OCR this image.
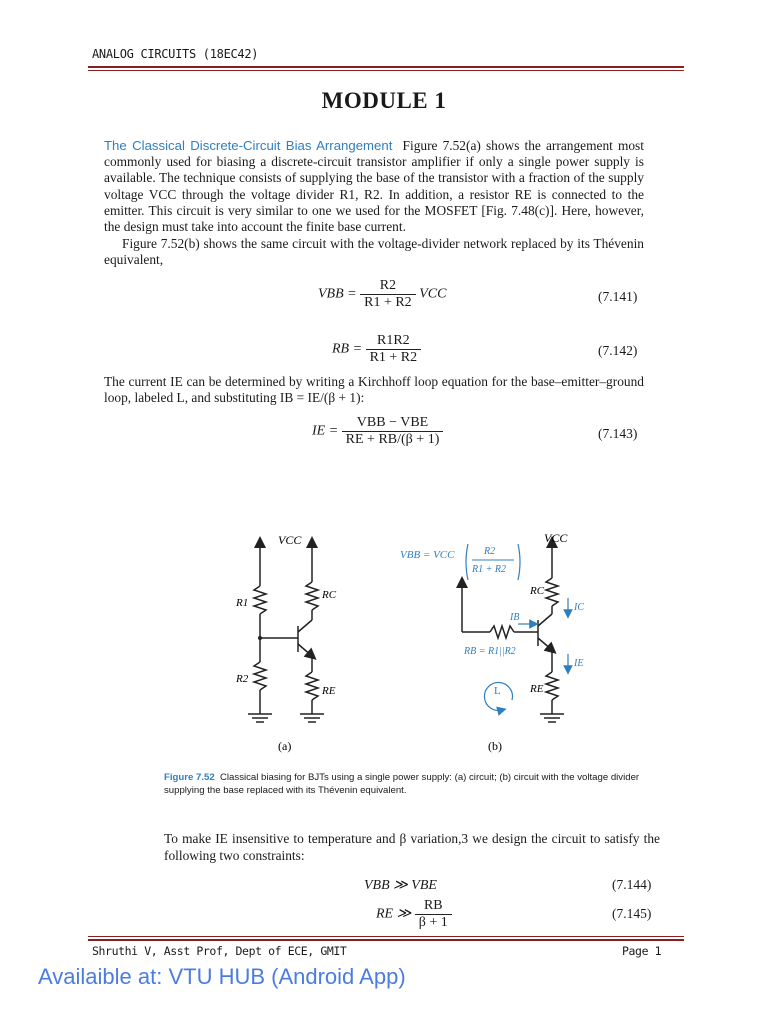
ANALOG CIRCUITS (18EC42)
MODULE 1
The Classical Discrete-Circuit Bias Arrangement Figure 7.52(a) shows the arrangement most commonly used for biasing a discrete-circuit transistor amplifier if only a single power supply is available. The technique consists of supplying the base of the transistor with a fraction of the supply voltage VCC through the voltage divider R1, R2. In addition, a resistor RE is connected to the emitter. This circuit is very similar to one we used for the MOSFET [Fig. 7.48(c)]. Here, however, the design must take into account the finite base current.
Figure 7.52(b) shows the same circuit with the voltage-divider network replaced by its Thévenin equivalent,
VBB = $\frac{R2}{R1 + R2}$ VCC	(7.141)
RB = $\frac{R1R2}{R1 + R2}$	(7.142)
The current IE can be determined by writing a Kirchhoff loop equation for the base–emitter–ground loop, labeled L, and substituting IB = IE/(β + 1):
IE = $\frac{\text{VBB − VBE}}{RE + RB/(\beta + 1)}$	(7.143)
VCC
R1
R2
RC
RE
(a)
VBB = VCC	R2
R1 + R2
VCC
RC
RE
IB
IC
IE
RB = R1||R2
L
(b)
Figure 7.52 Classical biasing for BJTs using a single power supply: (a) circuit; (b) circuit with the voltage divider supplying the base replaced with its Thévenin equivalent.
To make IE insensitive to temperature and β variation,3 we design the circuit to satisfy the following two constraints:
VBB ≫ VBE	(7.144)
RE ≫ $\frac{RB}{\beta + 1}$	(7.145)
Shruthi V, Asst Prof, Dept of ECE, GMIT	Page 1
Availaible at: VTU HUB (Android App)
